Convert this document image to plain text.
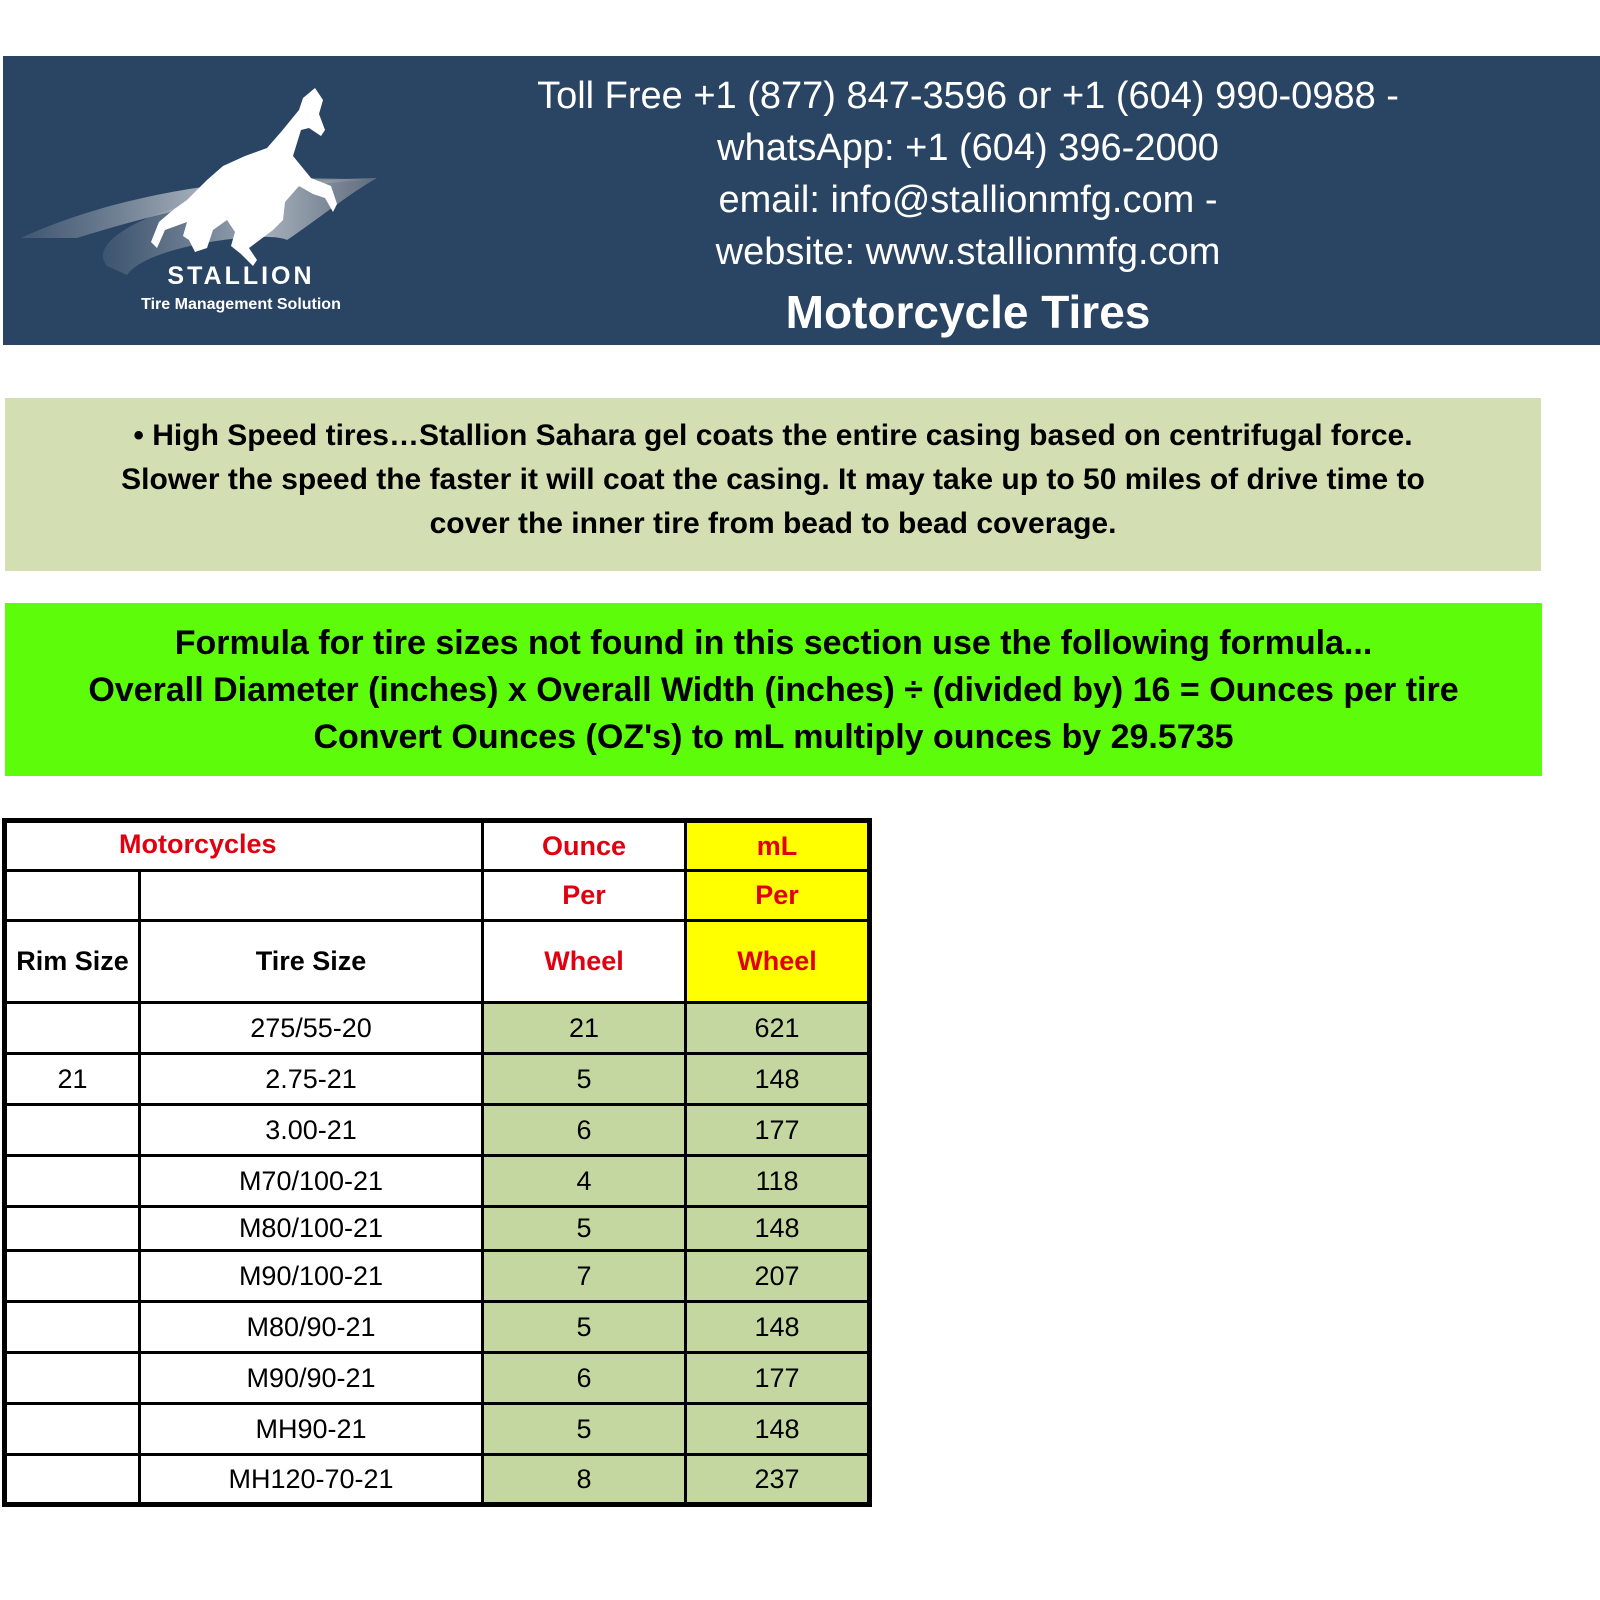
STALLION
Tire Management Solution
Toll Free +1 (877) 847-3596 or +1 (604) 990-0988 -
whatsApp: +1 (604) 396-2000
email: info@stallionmfg.com -
website: www.stallionmfg.com
Motorcycle Tires
• High Speed tires…Stallion Sahara gel coats the entire casing based on centrifugal force.
Slower the speed the faster it will coat the casing. It may take up to 50 miles of drive time to
cover the inner tire from bead to bead coverage.
Formula for tire sizes not found in this section use the following formula...
Overall Diameter (inches) x Overall Width (inches) ÷ (divided by) 16 = Ounces per tire
Convert Ounces (OZ's) to mL multiply ounces by 29.5735
Motorcycles		Ounce	mL
		Per	Per
Rim Size	Tire Size	Wheel	Wheel
	275/55-20	21	621
21	2.75-21	5	148
	3.00-21	6	177
	M70/100-21	4	118
	M80/100-21	5	148
	M90/100-21	7	207
	M80/90-21	5	148
	M90/90-21	6	177
	MH90-21	5	148
	MH120-70-21	8	237
